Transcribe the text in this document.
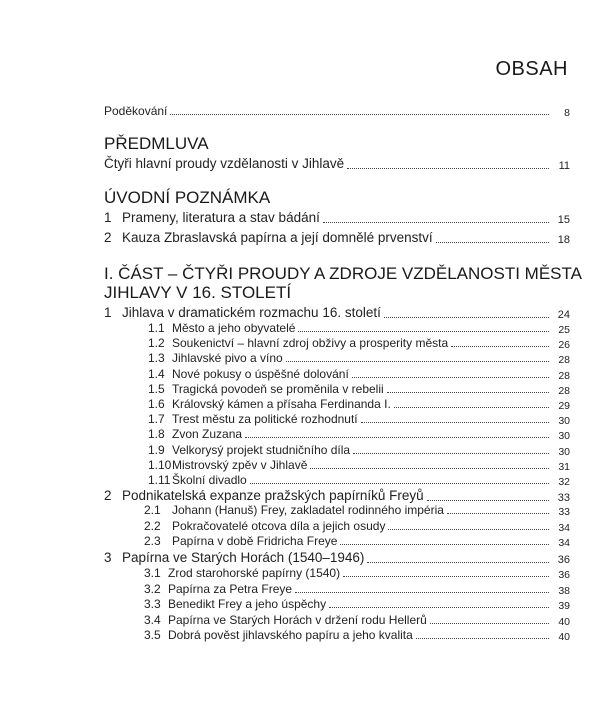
OBSAH
Poděkování	8
PŘEDMLUVA
Čtyři hlavní proudy vzdělanosti v Jihlavě	11
ÚVODNÍ POZNÁMKA
1 Prameny, literatura a stav bádání	15
2 Kauza Zbraslavská papírna a její domnělé prvenství	18
I. ČÁST – ČTYŘI PROUDY A ZDROJE VZDĚLANOSTI MĚSTA
JIHLAVY V 16. STOLETÍ
1 Jihlava v dramatickém rozmachu 16. století	24
1.1 Město a jeho obyvatelé	25
1.2 Soukenictví – hlavní zdroj obživy a prosperity města	26
1.3 Jihlavské pivo a víno	28
1.4 Nové pokusy o úspěšné dolování	28
1.5 Tragická povodeň se proměnila v rebelii	28
1.6 Královský kámen a přísaha Ferdinanda I.	29
1.7 Trest městu za politické rozhodnutí	30
1.8 Zvon Zuzana	30
1.9 Velkorysý projekt studničního díla	30
1.10 Mistrovský zpěv v Jihlavě	31
1.11 Školní divadlo	32
2 Podnikatelská expanze pražských papírníků Freyů	33
2.1 Johann (Hanuš) Frey, zakladatel rodinného impéria	33
2.2 Pokračovatelé otcova díla a jejich osudy	34
2.3 Papírna v době Fridricha Freye	34
3 Papírna ve Starých Horách (1540–1946)	36
3.1 Zrod starohorské papírny (1540)	36
3.2 Papírna za Petra Freye	38
3.3 Benedikt Frey a jeho úspěchy	39
3.4 Papírna ve Starých Horách v držení rodu Hellerů	40
3.5 Dobrá pověst jihlavského papíru a jeho kvalita	40
